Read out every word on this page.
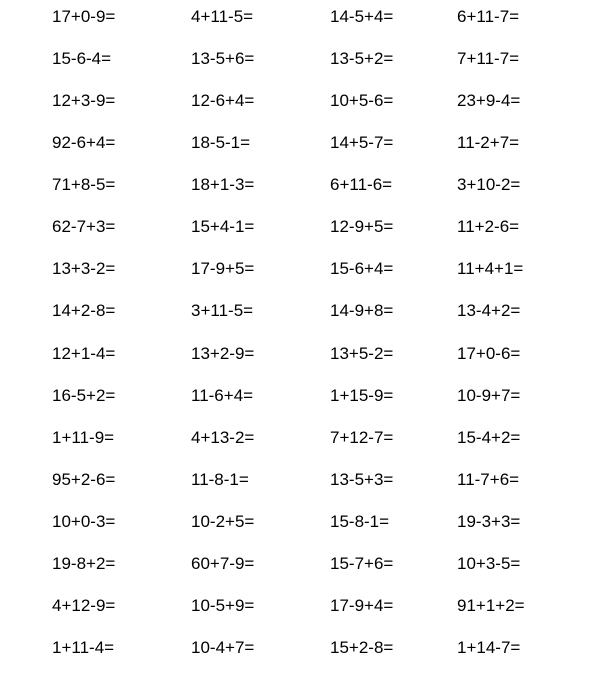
17+0-9=	4+11-5=	14-5+4=	6+11-7=
15-6-4=	13-5+6=	13-5+2=	7+11-7=
12+3-9=	12-6+4=	10+5-6=	23+9-4=
92-6+4=	18-5-1=	14+5-7=	11-2+7=
71+8-5=	18+1-3=	6+11-6=	3+10-2=
62-7+3=	15+4-1=	12-9+5=	11+2-6=
13+3-2=	17-9+5=	15-6+4=	11+4+1=
14+2-8=	3+11-5=	14-9+8=	13-4+2=
12+1-4=	13+2-9=	13+5-2=	17+0-6=
16-5+2=	11-6+4=	1+15-9=	10-9+7=
1+11-9=	4+13-2=	7+12-7=	15-4+2=
95+2-6=	11-8-1=	13-5+3=	11-7+6=
10+0-3=	10-2+5=	15-8-1=	19-3+3=
19-8+2=	60+7-9=	15-7+6=	10+3-5=
4+12-9=	10-5+9=	17-9+4=	91+1+2=
1+11-4=	10-4+7=	15+2-8=	1+14-7=
